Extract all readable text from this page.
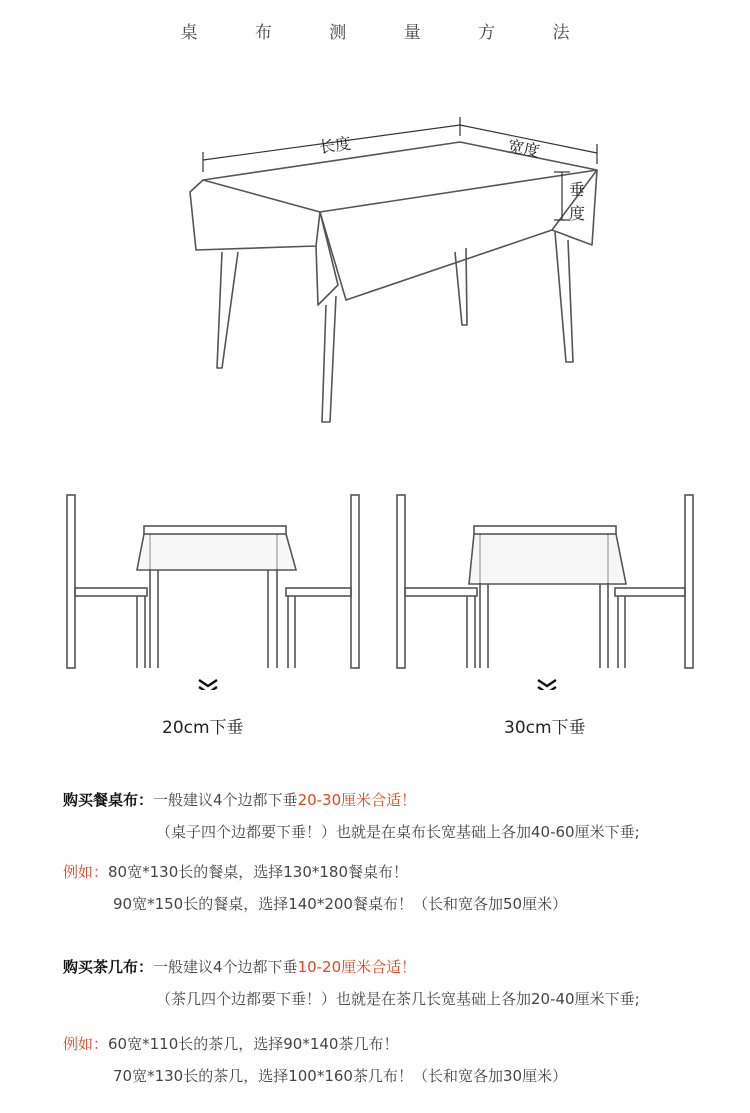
桌 布 测 量 方 法
长度	宽度
垂
度
20cm下垂	30cm下垂
购买餐桌布：一般建议4个边都下垂20-30厘米合适！
（桌子四个边都要下垂！）也就是在桌布长宽基础上各加40-60厘米下垂;
例如：80宽*130长的餐桌，选择130*180餐桌布！
90宽*150长的餐桌，选择140*200餐桌布！（长和宽各加50厘米）
购买茶几布：一般建议4个边都下垂10-20厘米合适！
（茶几四个边都要下垂！）也就是在茶几长宽基础上各加20-40厘米下垂;
例如：60宽*110长的茶几，选择90*140茶几布！
70宽*130长的茶几，选择100*160茶几布！（长和宽各加30厘米）
